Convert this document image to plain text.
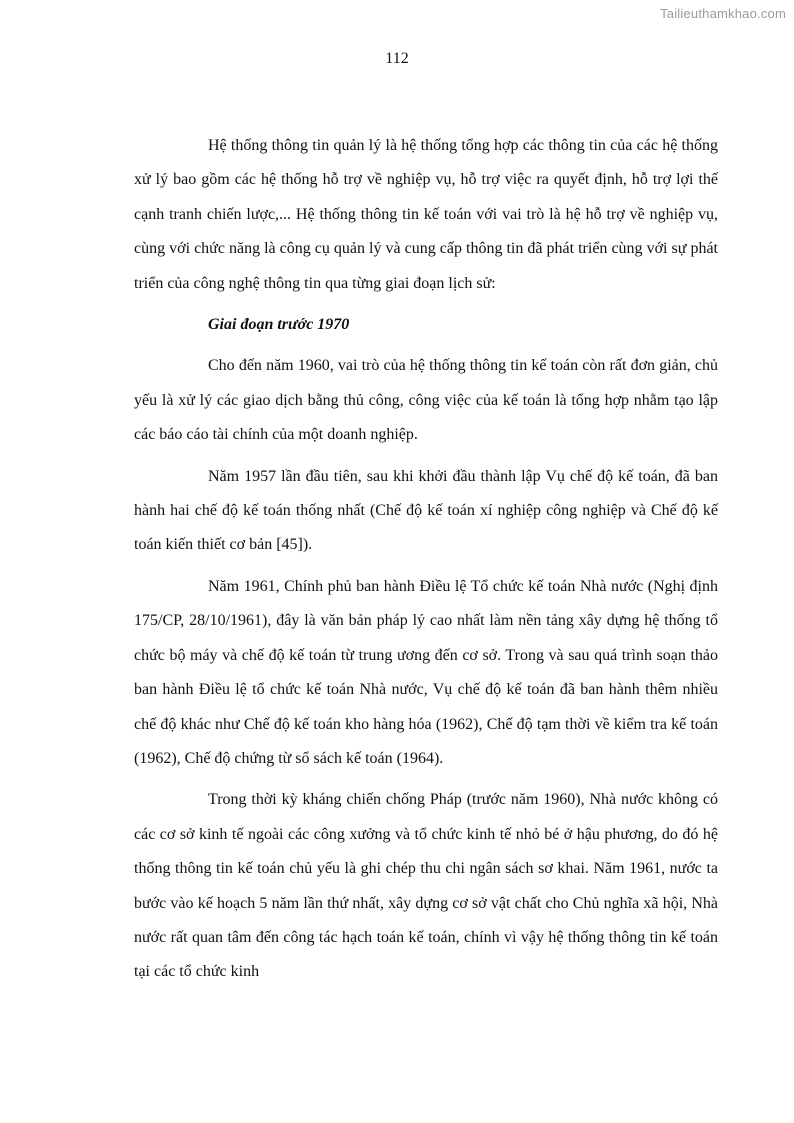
Tailieuthamkhao.com
112

Hệ thống thông tin quản lý là hệ thống tổng hợp các thông tin của các hệ thống xử lý bao gồm các hệ thống hỗ trợ về nghiệp vụ, hỗ trợ việc ra quyết định, hỗ trợ lợi thế cạnh tranh chiến lược,... Hệ thống thông tin kế toán với vai trò là hệ hỗ trợ về nghiệp vụ, cùng với chức năng là công cụ quản lý và cung cấp thông tin đã phát triển cùng với sự phát triển của công nghệ thông tin qua từng giai đoạn lịch sử:

Giai đoạn trước 1970

Cho đến năm 1960, vai trò của hệ thống thông tin kế toán còn rất đơn giản, chủ yếu là xử lý các giao dịch bằng thủ công, công việc của kế toán là tổng hợp nhằm tạo lập các báo cáo tài chính của một doanh nghiệp.

Năm 1957 lần đầu tiên, sau khi khởi đầu thành lập Vụ chế độ kế toán, đã ban hành hai chế độ kế toán thống nhất (Chế độ kế toán xí nghiệp công nghiệp và Chế độ kế toán kiến thiết cơ bản [45]).

Năm 1961, Chính phủ ban hành Điều lệ Tổ chức kế toán Nhà nước (Nghị định 175/CP, 28/10/1961), đây là văn bản pháp lý cao nhất làm nền tảng xây dựng hệ thống tổ chức bộ máy và chế độ kế toán từ trung ương đến cơ sở. Trong và sau quá trình soạn thảo ban hành Điều lệ tổ chức kế toán Nhà nước, Vụ chế độ kế toán đã ban hành thêm nhiều chế độ khác như Chế độ kế toán kho hàng hóa (1962), Chế độ tạm thời về kiểm tra kế toán (1962), Chế độ chứng từ sổ sách kế toán (1964).

Trong thời kỳ kháng chiến chống Pháp (trước năm 1960), Nhà nước không có các cơ sở kinh tế ngoài các công xưởng và tổ chức kinh tế nhỏ bé ở hậu phương, do đó hệ thống thông tin kế toán chủ yếu là ghi chép thu chi ngân sách sơ khai. Năm 1961, nước ta bước vào kế hoạch 5 năm lần thứ nhất, xây dựng cơ sở vật chất cho Chủ nghĩa xã hội, Nhà nước rất quan tâm đến công tác hạch toán kế toán, chính vì vậy hệ thống thông tin kế toán tại các tổ chức kinh
